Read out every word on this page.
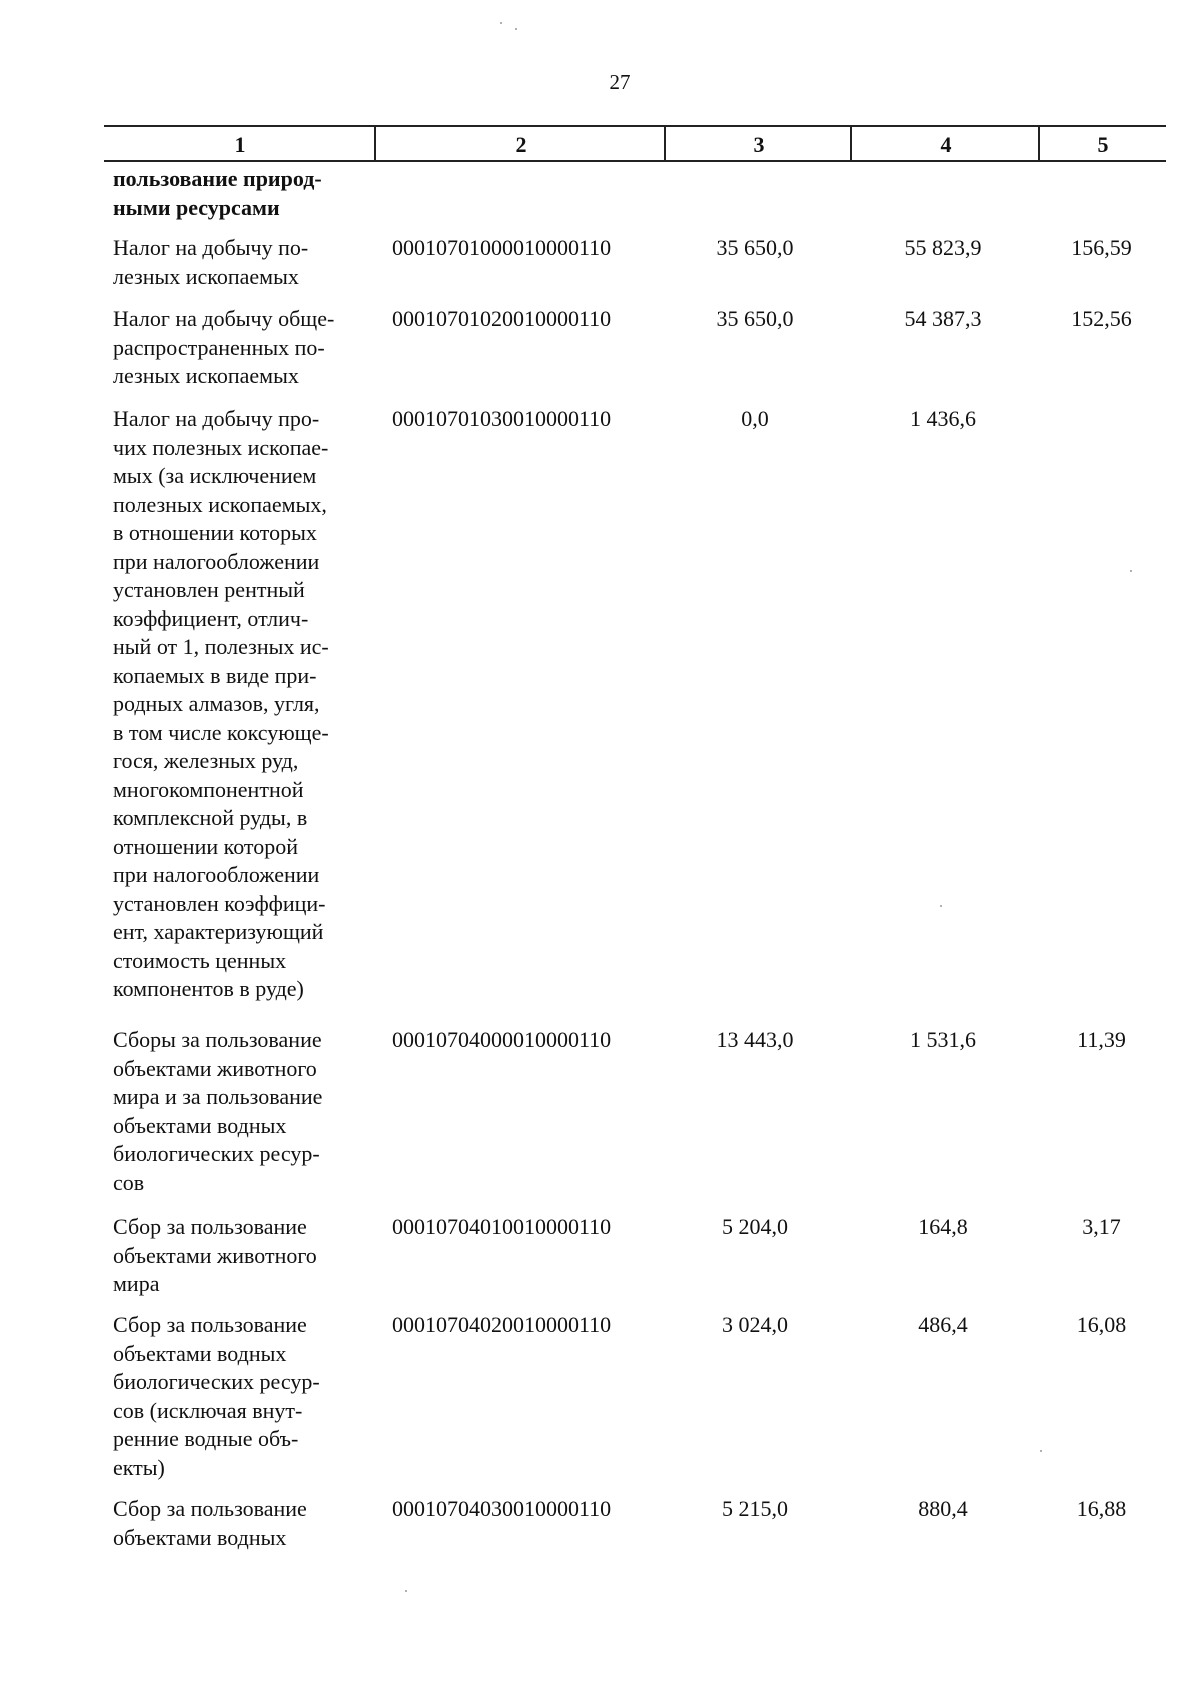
27
1	2	3	4	5
пользование природ-
ными ресурсами
Налог на добычу по-
лезных ископаемых
00010701000010000110	35 650,0	55 823,9	156,59
Налог на добычу обще-
распространенных по-
лезных ископаемых
00010701020010000110	35 650,0	54 387,3	152,56
Налог на добычу про-
чих полезных ископае-
мых (за исключением
полезных ископаемых,
в отношении которых
при налогообложении
установлен рентный
коэффициент, отлич-
ный от 1, полезных ис-
копаемых в виде при-
родных алмазов, угля,
в том числе коксующе-
гося, железных руд,
многокомпонентной
комплексной руды, в
отношении которой
при налогообложении
установлен коэффици-
ент, характеризующий
стоимость ценных
компонентов в руде)
00010701030010000110	0,0	1 436,6
Сборы за пользование
объектами животного
мира и за пользование
объектами водных
биологических ресур-
сов
00010704000010000110	13 443,0	1 531,6	11,39
Сбор за пользование
объектами животного
мира
00010704010010000110	5 204,0	164,8	3,17
Сбор за пользование
объектами водных
биологических ресур-
сов (исключая внут-
ренние водные объ-
екты)
00010704020010000110	3 024,0	486,4	16,08
Сбор за пользование
объектами водных
00010704030010000110	5 215,0	880,4	16,88
